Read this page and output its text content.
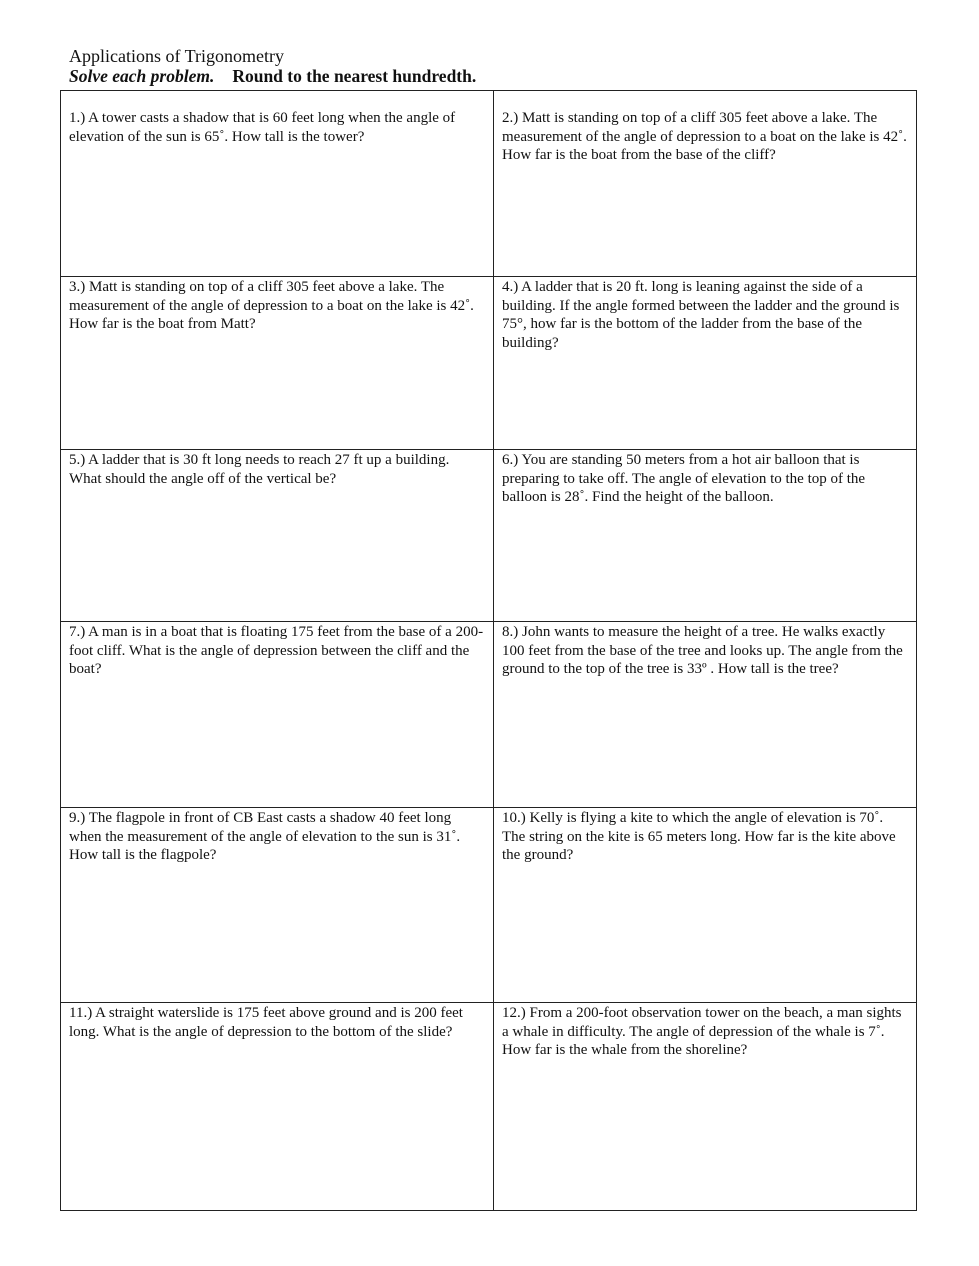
Applications of Trigonometry
Solve each problem. Round to the nearest hundredth.
1.) A tower casts a shadow that is 60 feet long when the angle of elevation of the sun is 65˚. How tall is the tower?
2.) Matt is standing on top of a cliff 305 feet above a lake. The measurement of the angle of depression to a boat on the lake is 42˚. How far is the boat from the base of the cliff?
3.) Matt is standing on top of a cliff 305 feet above a lake. The measurement of the angle of depression to a boat on the lake is 42˚. How far is the boat from Matt?
4.) A ladder that is 20 ft. long is leaning against the side of a building. If the angle formed between the ladder and the ground is 75°, how far is the bottom of the ladder from the base of the building?
5.) A ladder that is 30 ft long needs to reach 27 ft up a building. What should the angle off of the vertical be?
6.) You are standing 50 meters from a hot air balloon that is preparing to take off. The angle of elevation to the top of the balloon is 28˚. Find the height of the balloon.
7.) A man is in a boat that is floating 175 feet from the base of a 200-foot cliff. What is the angle of depression between the cliff and the boat?
8.) John wants to measure the height of a tree. He walks exactly 100 feet from the base of the tree and looks up. The angle from the ground to the top of the tree is 33º . How tall is the tree?
9.) The flagpole in front of CB East casts a shadow 40 feet long when the measurement of the angle of elevation to the sun is 31˚. How tall is the flagpole?
10.) Kelly is flying a kite to which the angle of elevation is 70˚. The string on the kite is 65 meters long. How far is the kite above the ground?
11.) A straight waterslide is 175 feet above ground and is 200 feet long. What is the angle of depression to the bottom of the slide?
12.) From a 200-foot observation tower on the beach, a man sights a whale in difficulty. The angle of depression of the whale is 7˚. How far is the whale from the shoreline?
